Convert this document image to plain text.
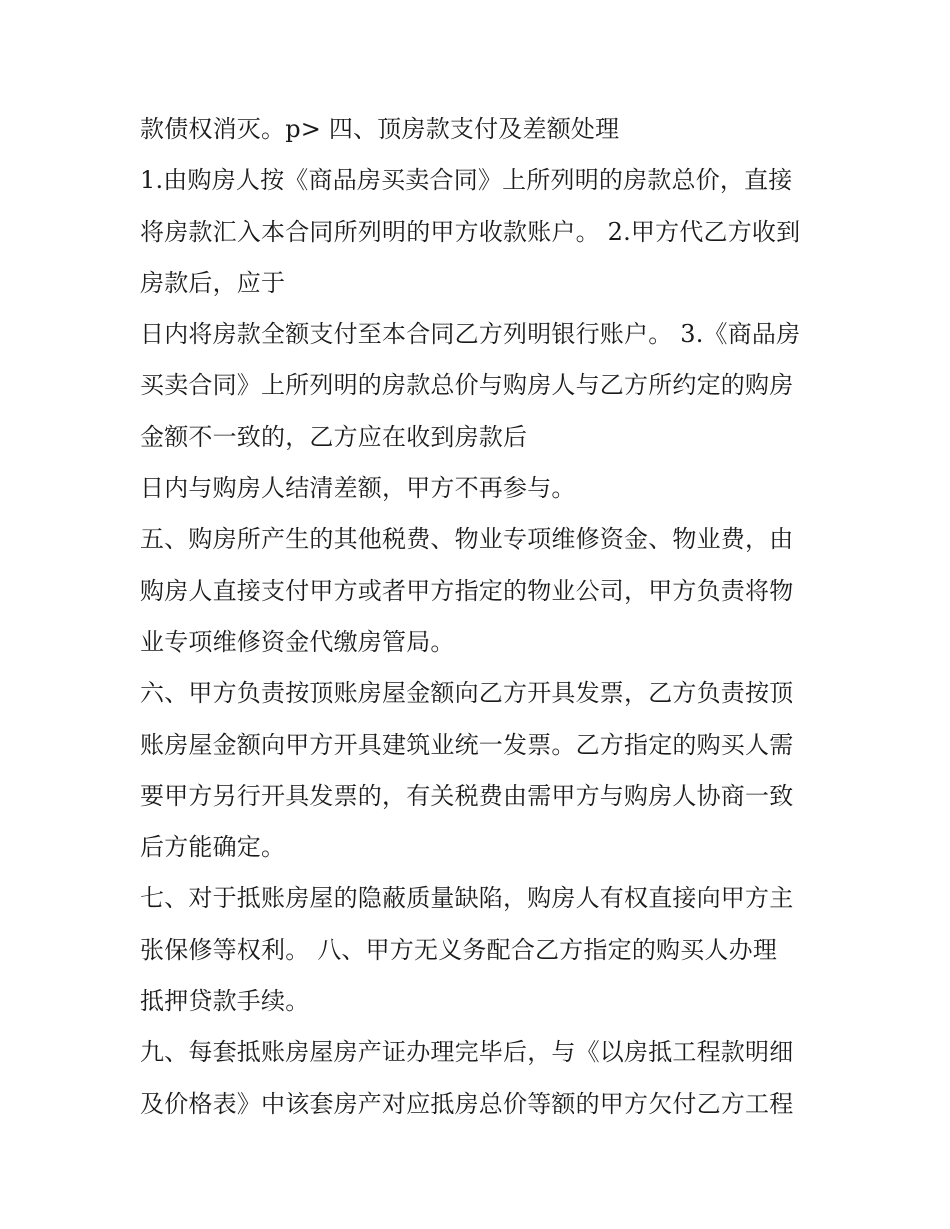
款债权消灭。p> 四、顶房款支付及差额处理
1.由购房人按《商品房买卖合同》上所列明的房款总价，直接
将房款汇入本合同所列明的甲方收款账户。 2.甲方代乙方收到
房款后，应于
日内将房款全额支付至本合同乙方列明银行账户。 3.《商品房
买卖合同》上所列明的房款总价与购房人与乙方所约定的购房
金额不一致的，乙方应在收到房款后
日内与购房人结清差额，甲方不再参与。
五、购房所产生的其他税费、物业专项维修资金、物业费，由
购房人直接支付甲方或者甲方指定的物业公司，甲方负责将物
业专项维修资金代缴房管局。
六、甲方负责按顶账房屋金额向乙方开具发票，乙方负责按顶
账房屋金额向甲方开具建筑业统一发票。乙方指定的购买人需
要甲方另行开具发票的，有关税费由需甲方与购房人协商一致
后方能确定。
七、对于抵账房屋的隐蔽质量缺陷，购房人有权直接向甲方主
张保修等权利。 八、甲方无义务配合乙方指定的购买人办理
抵押贷款手续。
九、每套抵账房屋房产证办理完毕后，与《以房抵工程款明细
及价格表》中该套房产对应抵房总价等额的甲方欠付乙方工程
